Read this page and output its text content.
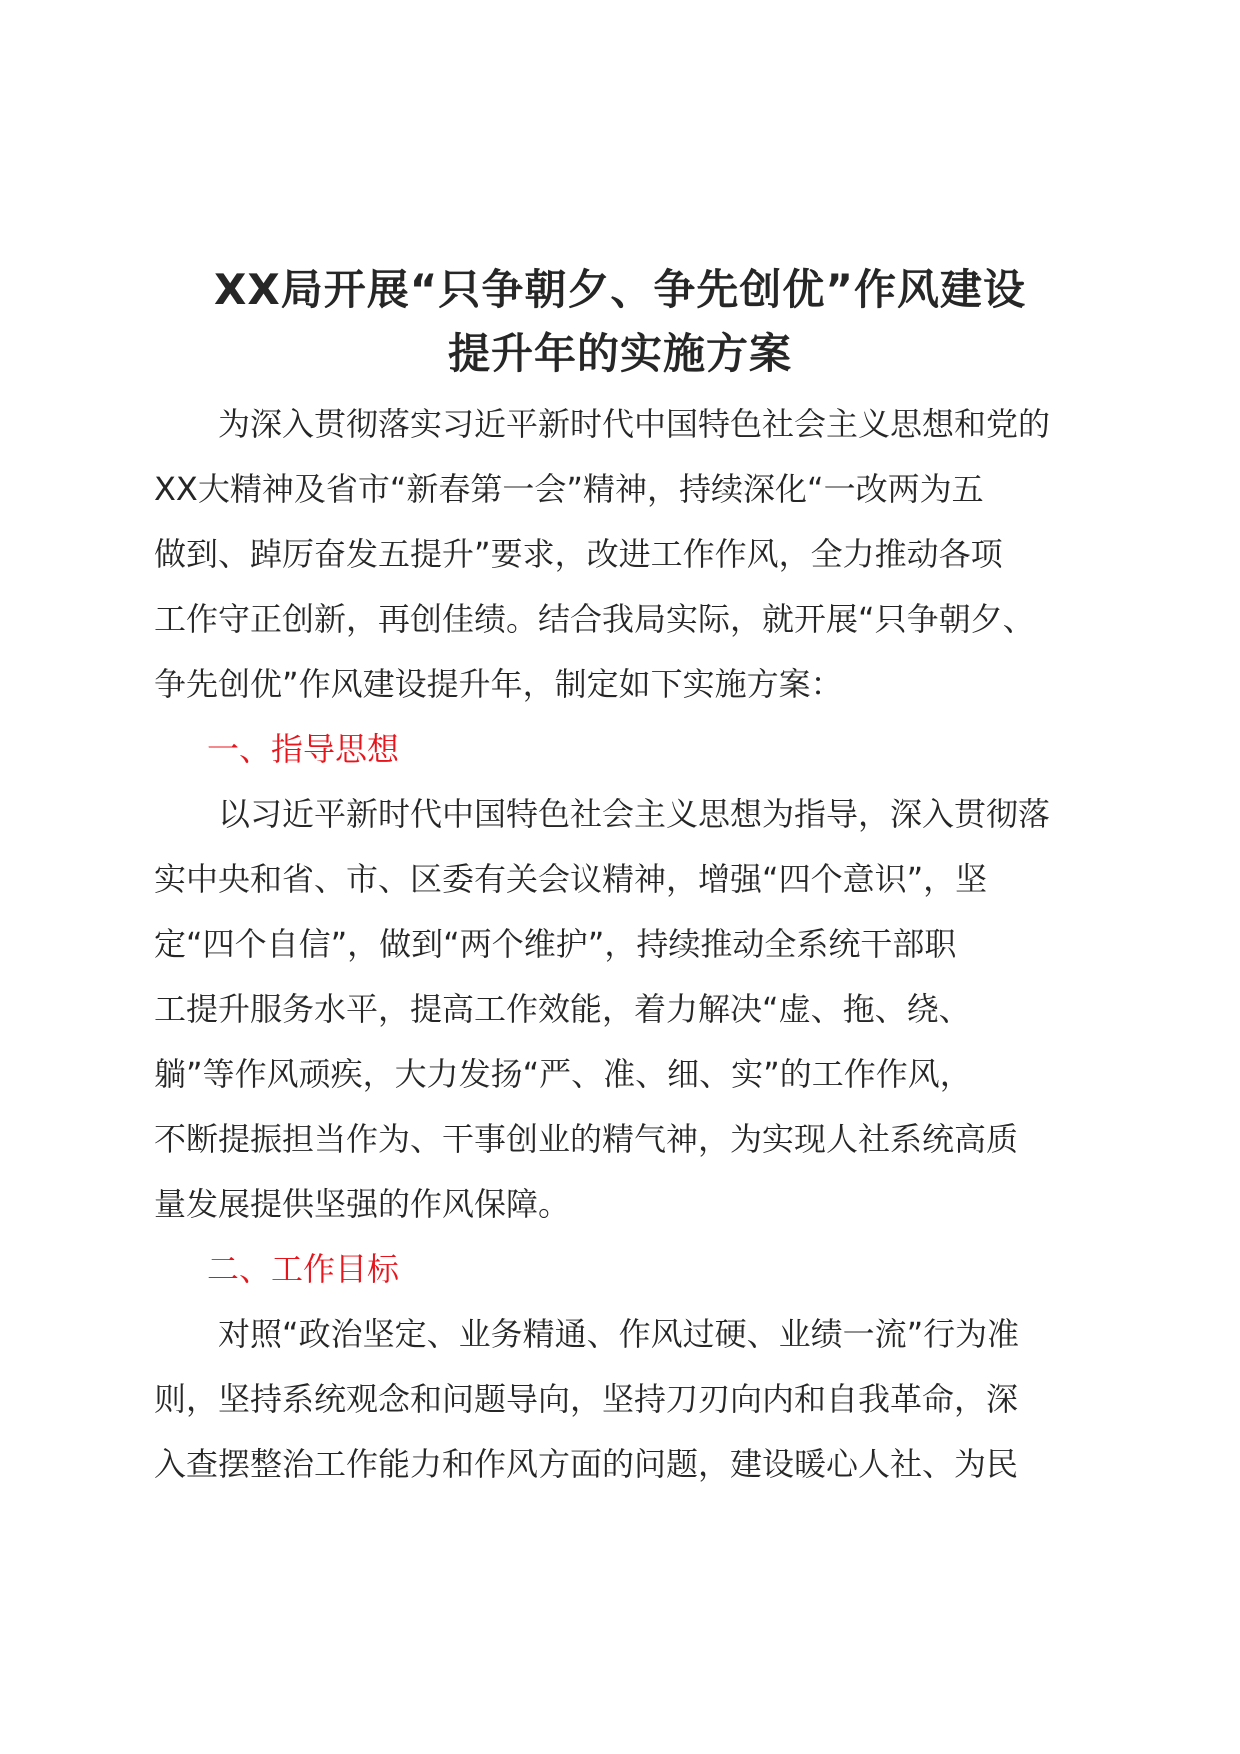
XX局开展“只争朝夕、争先创优”作风建设
提升年的实施方案
　　为深入贯彻落实习近平新时代中国特色社会主义思想和党的
XX大精神及省市“新春第一会”精神，持续深化“一改两为五
做到、踔厉奋发五提升”要求，改进工作作风，全力推动各项
工作守正创新，再创佳绩。结合我局实际，就开展“只争朝夕、
争先创优”作风建设提升年，制定如下实施方案：
一、指导思想
　　以习近平新时代中国特色社会主义思想为指导，深入贯彻落
实中央和省、市、区委有关会议精神，增强“四个意识”，坚
定“四个自信”，做到“两个维护”，持续推动全系统干部职
工提升服务水平，提高工作效能，着力解决“虚、拖、绕、
躺”等作风顽疾，大力发扬“严、准、细、实”的工作作风，
不断提振担当作为、干事创业的精气神，为实现人社系统高质
量发展提供坚强的作风保障。
二、工作目标
　　对照“政治坚定、业务精通、作风过硬、业绩一流”行为准
则，坚持系统观念和问题导向，坚持刀刃向内和自我革命，深
入查摆整治工作能力和作风方面的问题，建设暖心人社、为民
